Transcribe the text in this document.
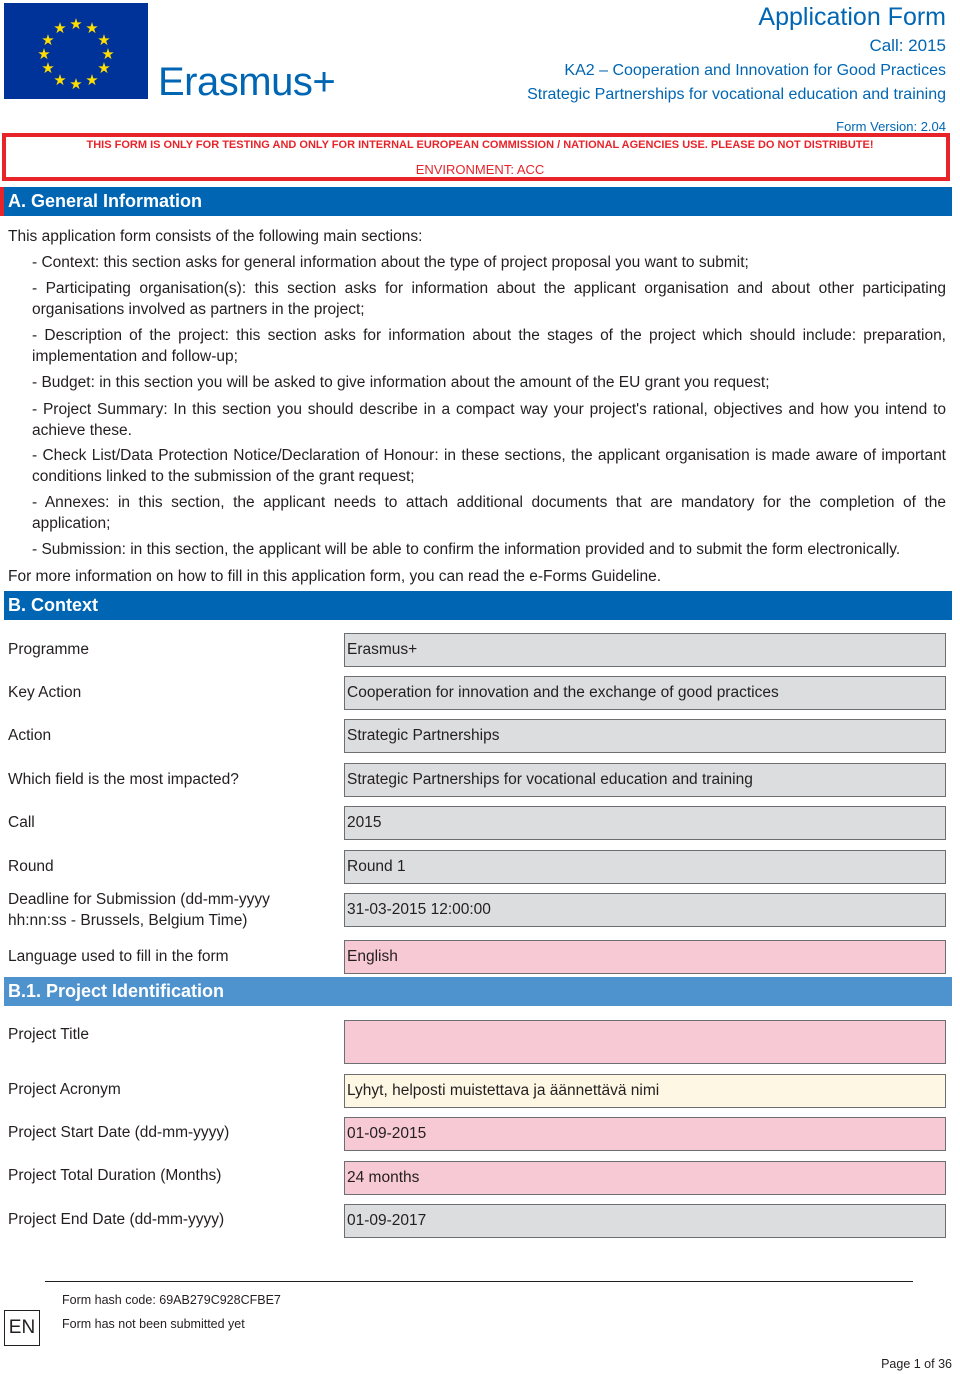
★ ★
★
★
★
★
★
★
★
★
★
★
Erasmus+
Application Form
Call: 2015
KA2 – Cooperation and Innovation for Good Practices
Strategic Partnerships for vocational education and training
Form Version: 2.04
THIS FORM IS ONLY FOR TESTING AND ONLY FOR INTERNAL EUROPEAN COMMISSION / NATIONAL AGENCIES USE. PLEASE DO NOT DISTRIBUTE!
ENVIRONMENT: ACC
A. General Information
This application form consists of the following main sections:
- Context: this section asks for general information about the type of project proposal you want to submit;
- Participating organisation(s): this section asks for information about the applicant organisation and about other participating organisations involved as partners in the project;
- Description of the project: this section asks for information about the stages of the project which should include: preparation, implementation and follow-up;
- Budget: in this section you will be asked to give information about the amount of the EU grant you request;
- Project Summary: In this section you should describe in a compact way your project's rational, objectives and how you intend to achieve these.
- Check List/Data Protection Notice/Declaration of Honour: in these sections, the applicant organisation is made aware of important conditions linked to the submission of the grant request;
- Annexes: in this section, the applicant needs to attach additional documents that are mandatory for the completion of the application;
- Submission: in this section, the applicant will be able to confirm the information provided and to submit the form electronically.
For more information on how to fill in this application form, you can read the e-Forms Guideline.
B. Context
Programme	Erasmus+
Key Action	Cooperation for innovation and the exchange of good practices
Action	Strategic Partnerships
Which field is the most impacted?	Strategic Partnerships for vocational education and training
Call	2015
Round	Round 1
Deadline for Submission (dd-mm-yyyy hh:nn:ss - Brussels, Belgium Time)
31-03-2015 12:00:00
Language used to fill in the form	English
B.1. Project Identification
Project Title
Project Acronym	Lyhyt, helposti muistettava ja äännettävä nimi
Project Start Date (dd-mm-yyyy)	01-09-2015
Project Total Duration (Months)	24 months
Project End Date (dd-mm-yyyy)	01-09-2017
EN
Form hash code: 69AB279C928CFBE7
Form has not been submitted yet
Page 1 of 36
